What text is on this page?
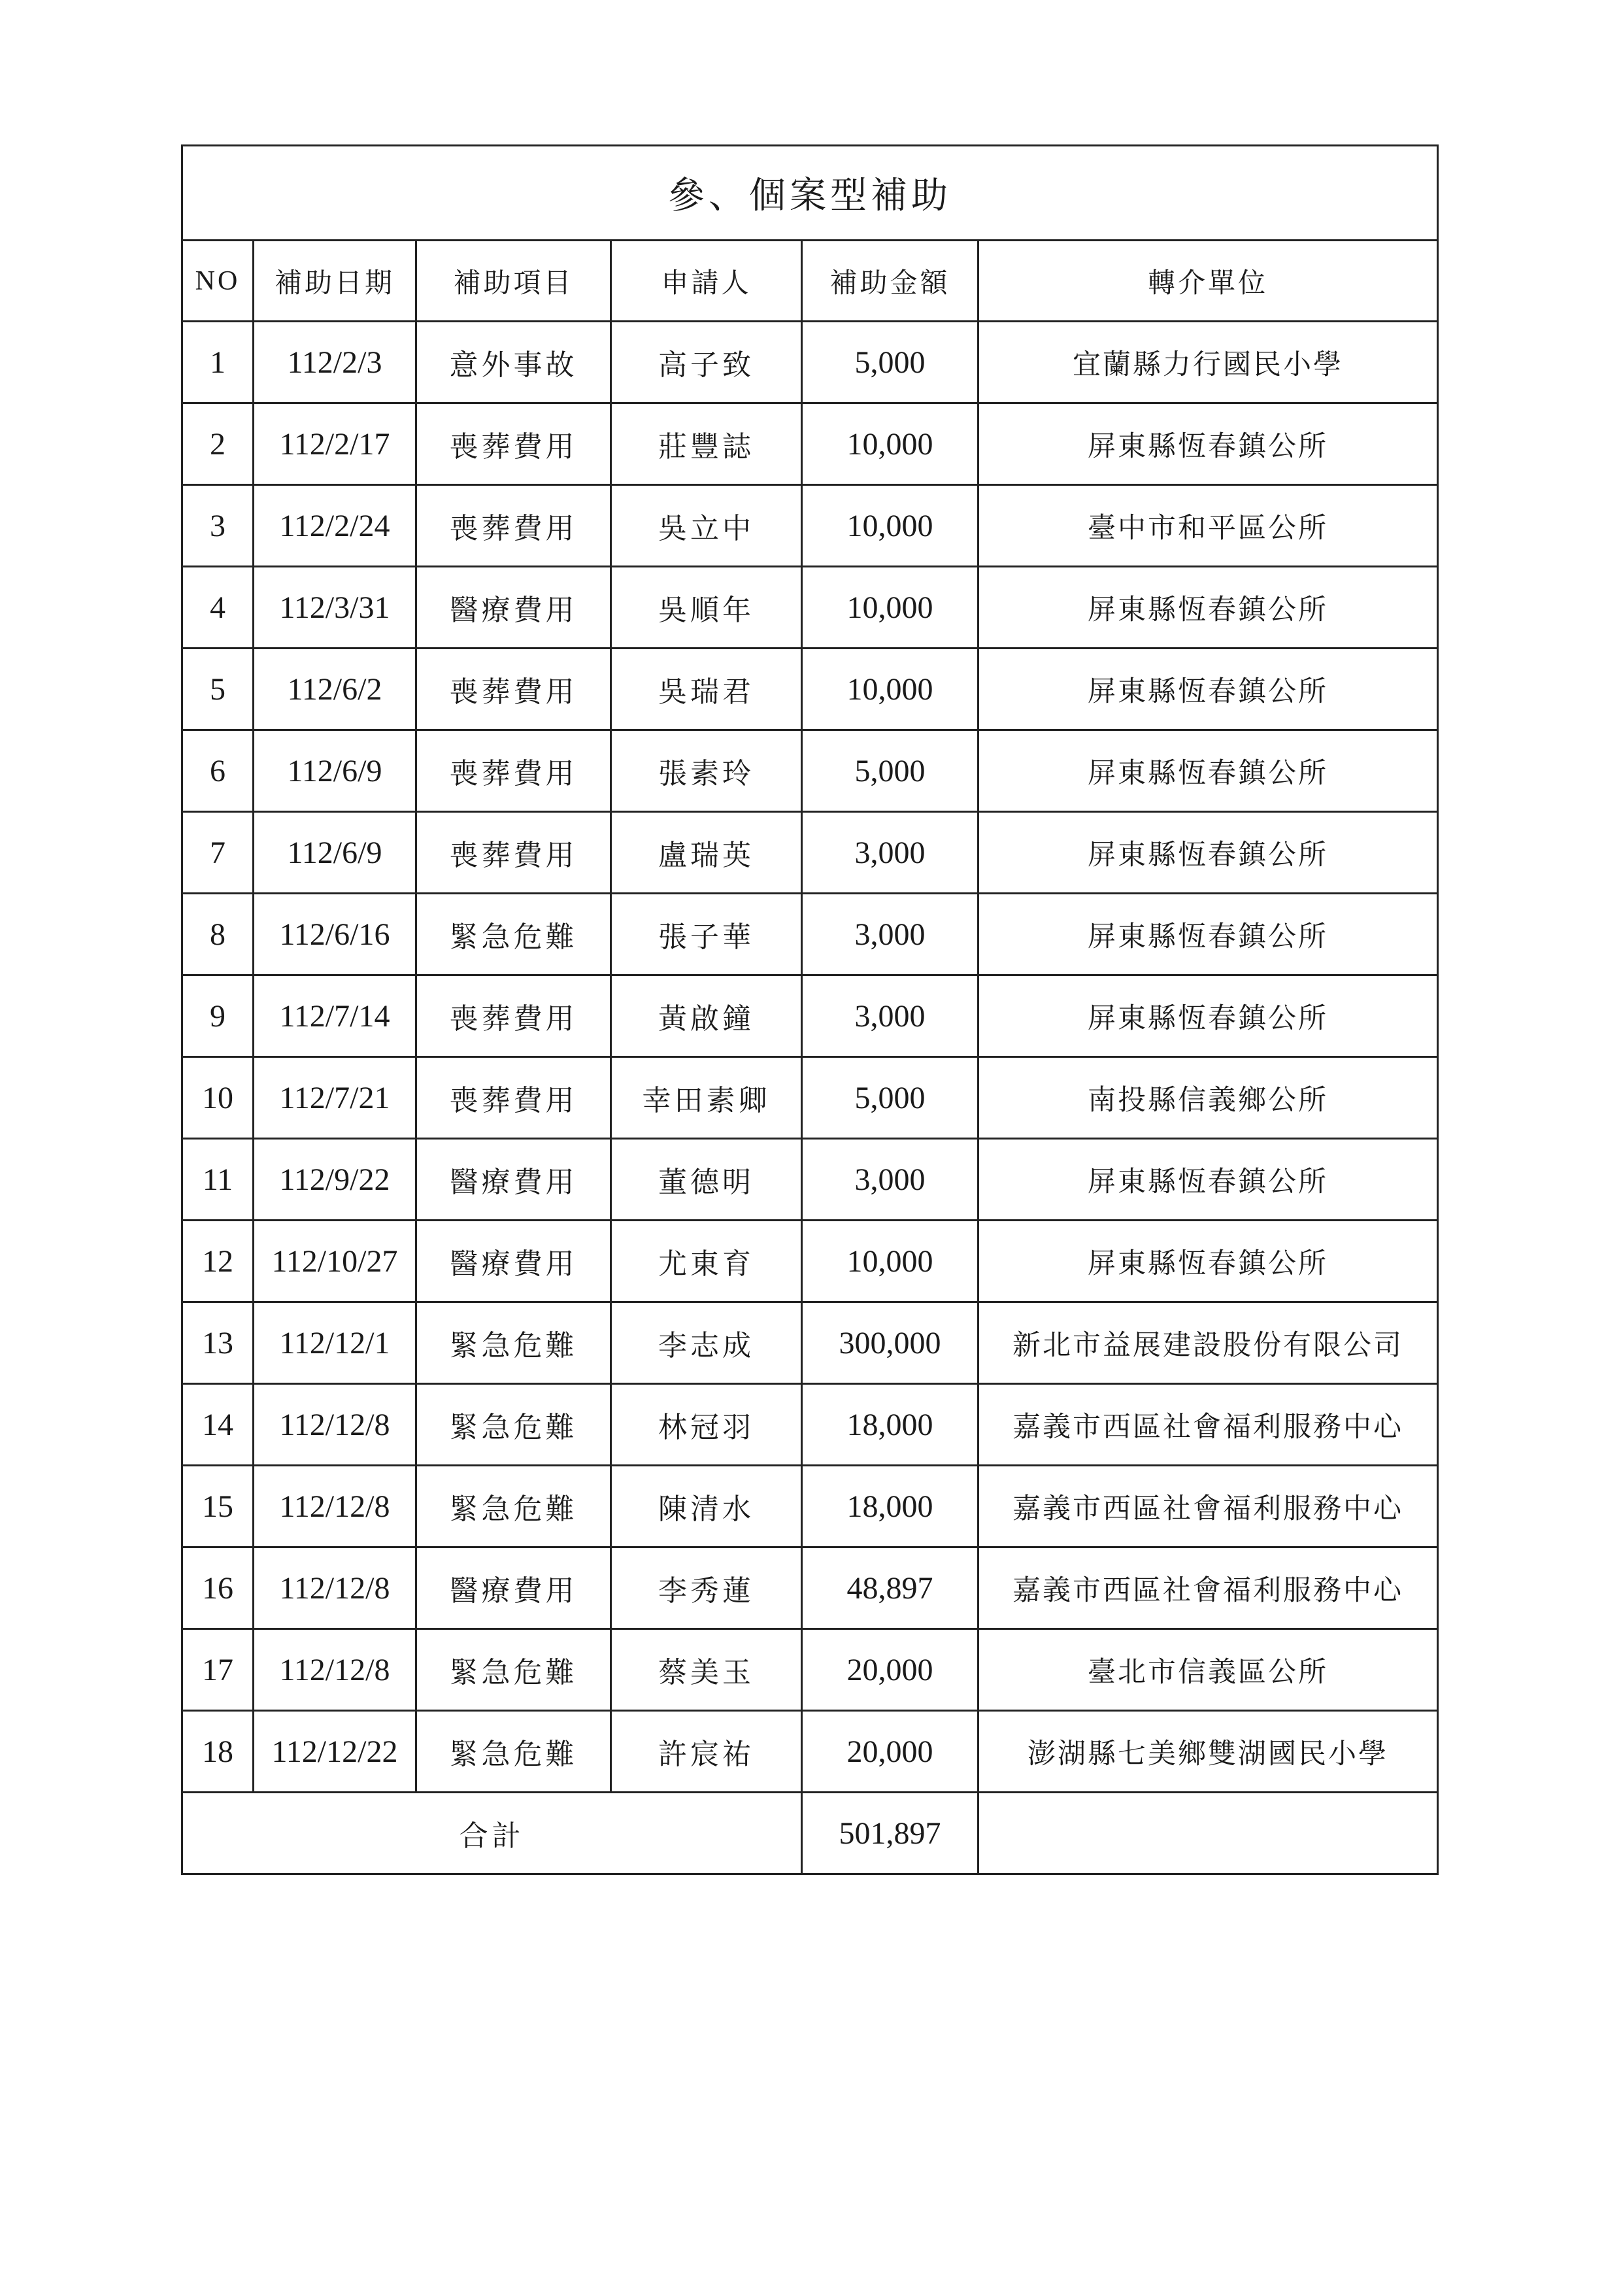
參、個案型補助					
NO	補助日期	補助項目	申請人	補助金額	轉介單位
1	112/2/3	意外事故	高子致	5,000	宜蘭縣力行國民小學
2	112/2/17	喪葬費用	莊豐誌	10,000	屏東縣恆春鎮公所
3	112/2/24	喪葬費用	吳立中	10,000	臺中市和平區公所
4	112/3/31	醫療費用	吳順年	10,000	屏東縣恆春鎮公所
5	112/6/2	喪葬費用	吳瑞君	10,000	屏東縣恆春鎮公所
6	112/6/9	喪葬費用	張素玲	5,000	屏東縣恆春鎮公所
7	112/6/9	喪葬費用	盧瑞英	3,000	屏東縣恆春鎮公所
8	112/6/16	緊急危難	張子華	3,000	屏東縣恆春鎮公所
9	112/7/14	喪葬費用	黃啟鐘	3,000	屏東縣恆春鎮公所
10	112/7/21	喪葬費用	幸田素卿	5,000	南投縣信義鄉公所
11	112/9/22	醫療費用	董德明	3,000	屏東縣恆春鎮公所
12	112/10/27	醫療費用	尤東育	10,000	屏東縣恆春鎮公所
13	112/12/1	緊急危難	李志成	300,000	新北市益展建設股份有限公司
14	112/12/8	緊急危難	林冠羽	18,000	嘉義市西區社會福利服務中心
15	112/12/8	緊急危難	陳清水	18,000	嘉義市西區社會福利服務中心
16	112/12/8	醫療費用	李秀蓮	48,897	嘉義市西區社會福利服務中心
17	112/12/8	緊急危難	蔡美玉	20,000	臺北市信義區公所
18	112/12/22	緊急危難	許宸祐	20,000	澎湖縣七美鄉雙湖國民小學
合計				501,897	
